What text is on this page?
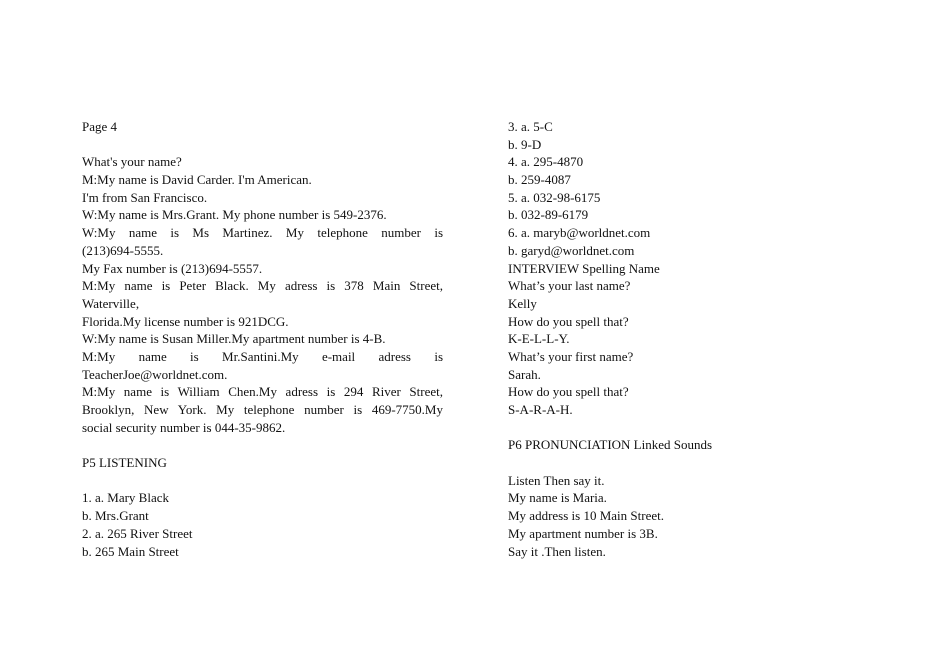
Page 4
What's your name?
M:My name is David Carder. I'm American.
I'm from San Francisco.
W:My name is Mrs.Grant. My phone number is 549-2376.
W:My name is Ms Martinez. My telephone number is
(213)694-5555.
My Fax number is (213)694-5557.
M:My name is Peter Black. My adress is 378 Main Street,
Waterville,
Florida.My license number is 921DCG.
W:My name is Susan Miller.My apartment number is 4-B.
M:My name is Mr.Santini.My e-mail adress is
TeacherJoe@worldnet.com.
M:My name is William Chen.My adress is 294 River Street,
Brooklyn, New York. My telephone number is 469-7750.My
social security number is 044-35-9862.
P5 LISTENING
1. a. Mary Black
b. Mrs.Grant
2. a. 265 River Street
b. 265 Main Street
3. a. 5-C
b. 9-D
4. a. 295-4870
b. 259-4087
5. a. 032-98-6175
b. 032-89-6179
6. a. maryb@worldnet.com
b. garyd@worldnet.com
INTERVIEW Spelling Name
What’s your last name?
Kelly
How do you spell that?
K-E-L-L-Y.
What’s your first name?
Sarah.
How do you spell that?
S-A-R-A-H.
P6 PRONUNCIATION Linked Sounds
Listen Then say it.
My name is Maria.
My address is 10 Main Street.
My apartment number is 3B.
Say it .Then listen.
